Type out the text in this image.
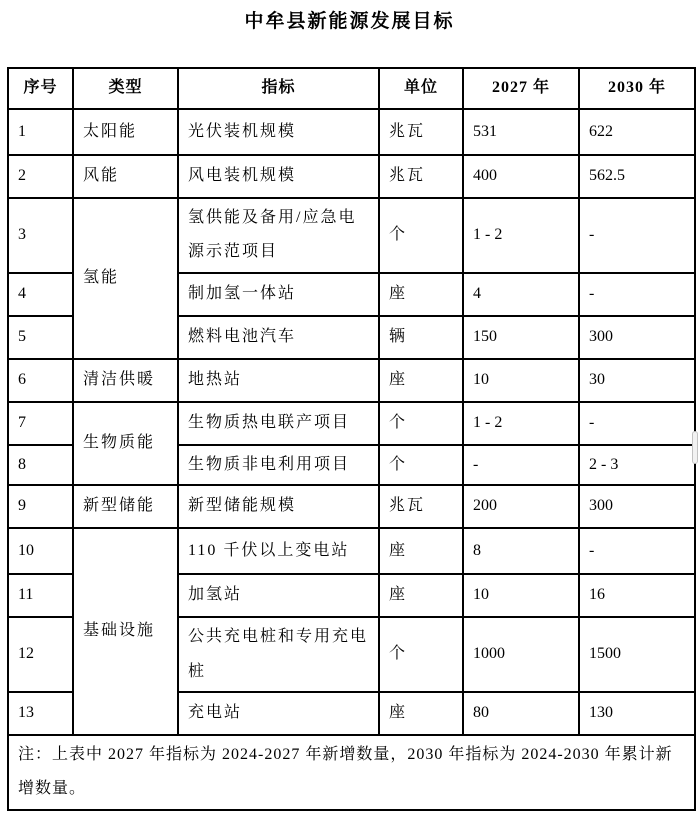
中牟县新能源发展目标
序号	类型	指标	单位	2027 年	2030 年
1	太阳能	光伏装机规模	兆瓦	531	622
2	风能	风电装机规模	兆瓦	400	562.5
3	氢能	氢供能及备用/应急电源示范项目	个	1 - 2	-
4		制加氢一体站	座	4	-
5		燃料电池汽车	辆	150	300
6	清洁供暖	地热站	座	10	30
7	生物质能	生物质热电联产项目	个	1 - 2	-
8		生物质非电利用项目	个	-	2 - 3
9	新型储能	新型储能规模	兆瓦	200	300
10	基础设施	110 千伏以上变电站	座	8	-
11		加氢站	座	10	16
12		公共充电桩和专用充电桩	个	1000	1500
13		充电站	座	80	130
注：上表中 2027 年指标为 2024-2027 年新增数量，2030 年指标为 2024-2030 年累计新增数量。					
